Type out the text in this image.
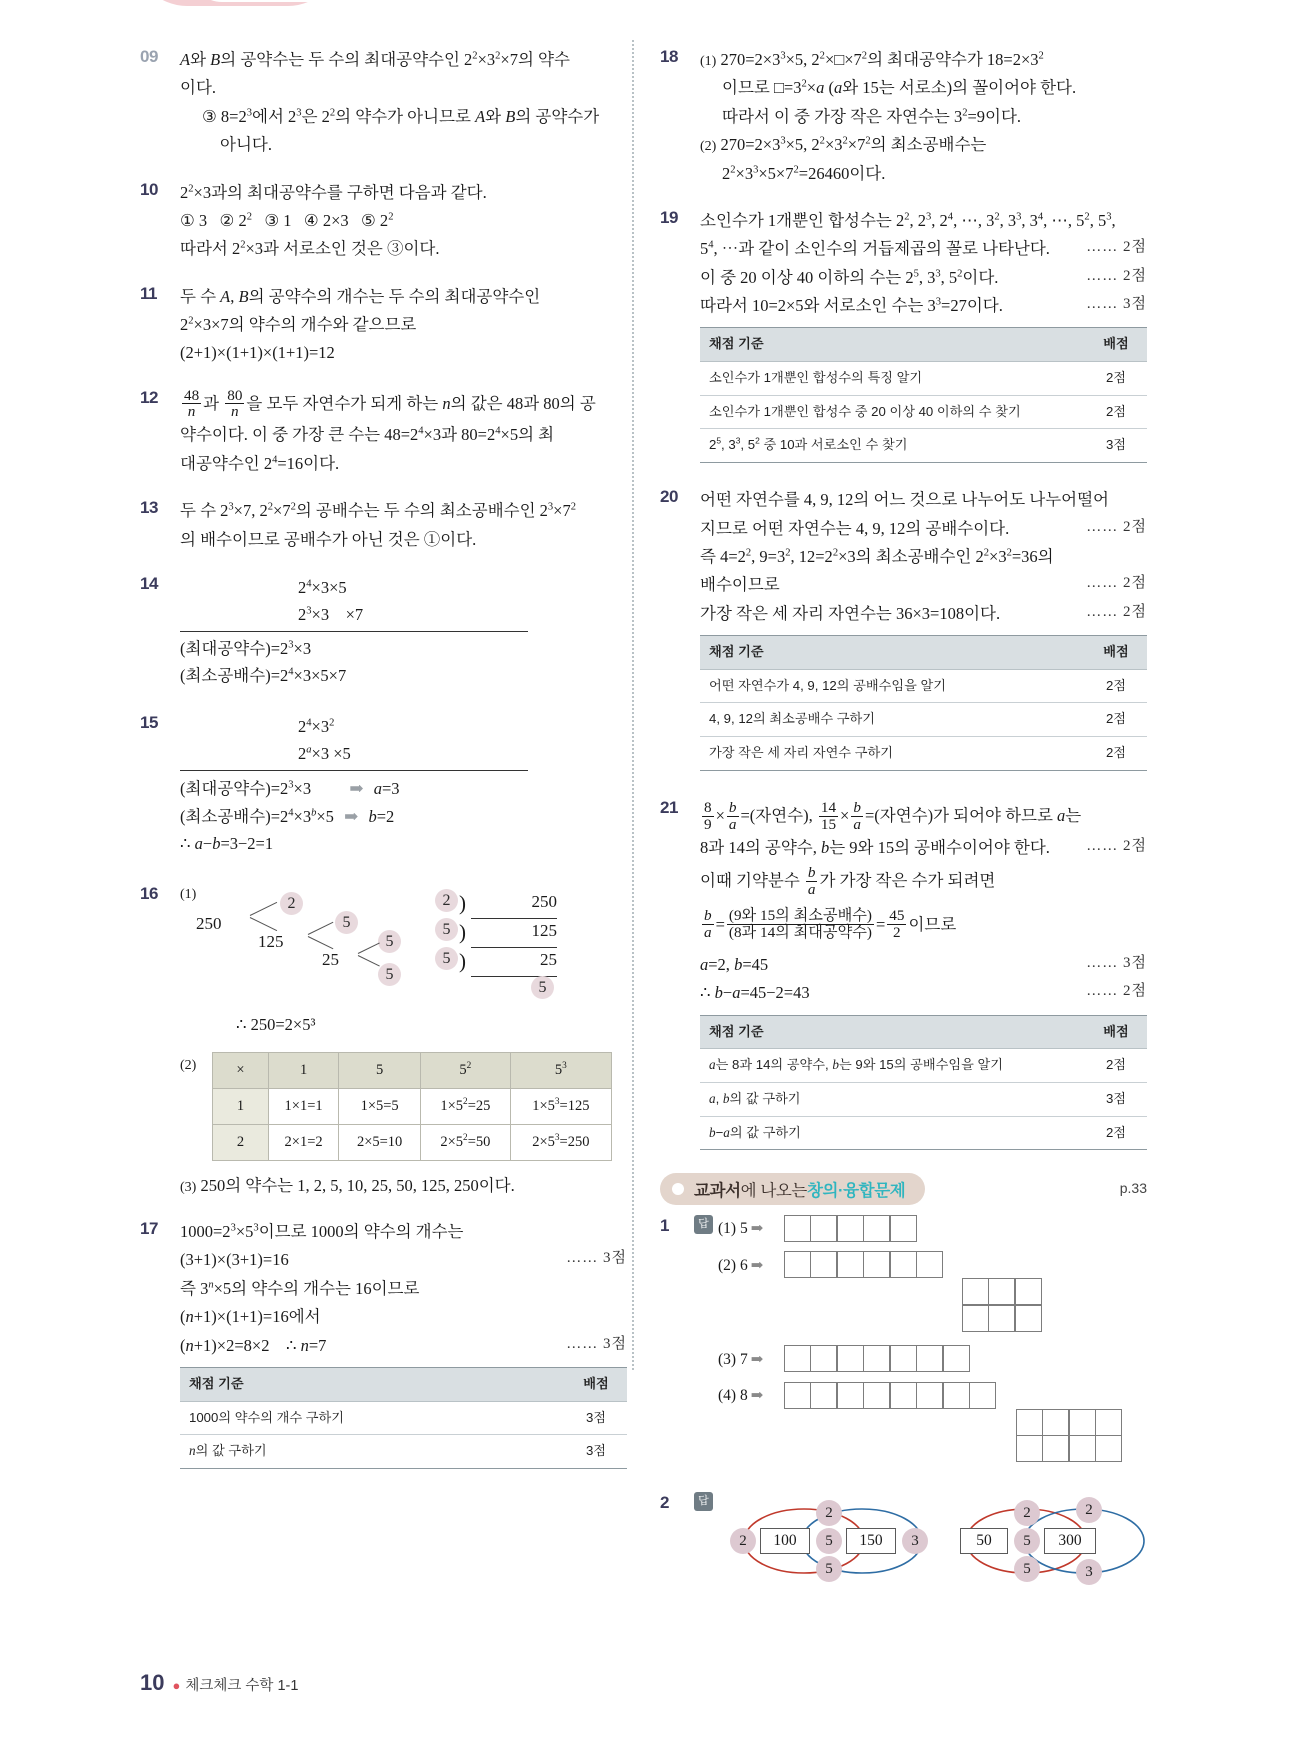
09	A와 B의 공약수는 두 수의 최대공약수인 $2^2\times 3^2\times 7$의 약수
이다.
③ $8=2^3$에서 $2^3$은 $2^2$의 약수가 아니므로 A와 B의 공약수가
아니다.
10	$2^2\times 3$과의 최대공약수를 구하면 다음과 같다.
① 3   ② $2^2$   ③ 1   ④ 2×3   ⑤ $2^2$
따라서 $2^2\times 3$과 서로소인 것은 ③이다.
11	두 수 A, B의 공약수의 개수는 두 수의 최대공약수인
$2^2\times 3\times 7$의 약수의 개수와 같으므로
(2+1)×(1+1)×(1+1)=12
12	$\frac{48}{n}$ 과 $\frac{80}{n}$ 을 모두 자연수가 되게 하는 n의 값은 48과 80의 공
약수이다. 이 중 가장 큰 수는 $48=2^4\times 3$과 $80=2^4\times 5$의 최
대공약수인 $2^4=16$이다.
13	두 수 $2^3\times 7$, $2^2\times 7^2$의 공배수는 두 수의 최소공배수인 $2^3\times 7^2$
의 배수이므로 공배수가 아닌 것은 ①이다.
14	$2^4\times 3\times 5$
$2^3\times 3$    ×7
(최대공약수)$=2^3\times 3$
(최소공배수)$=2^4\times 3\times 5\times 7$
15	$2^4\times 3^2$
$2^a\times 3 \times 5$
(최대공약수)$=2^3\times 3$  ➡ a=3
(최소공배수)$=2^4\times 3^b\times 5$ ➡ b=2
∴ a−b=3−2=1
16	(1)
250
2
125
5
25
5
5
2 )	250
5 )	125
5 )	25
5
∴ 250=2×5³
(2)	×	1	5	$5^2$	$5^3$
1	1×1=1	1×5=5	$1\times 5^2=25$	$1\times 5^3=125$
2	2×1=2	2×5=10	$2\times 5^2=50$	$2\times 5^3=250$
(3) 250의 약수는 1, 2, 5, 10, 25, 50, 125, 250이다.
17	$1000=2^3\times 5^3$이므로 1000의 약수의 개수는
…… 3점
(3+1)×(3+1)=16
즉 $3^n\times 5$의 약수의 개수는 16이므로
(n+1)×(1+1)=16에서
…… 3점
(n+1)×2=8×2    ∴ n=7
채점 기준	배점
1000의 약수의 개수 구하기	3점
n의 값 구하기	3점
18	(1) $270=2\times 3^3\times 5$, $2^2\times□\times 7^2$의 최대공약수가 $18=2\times 3^2$
이므로 $□=3^2\times a$ (a와 15는 서로소)의 꼴이어야 한다.
따라서 이 중 가장 작은 자연수는 $3^2=9$이다.
(2) $270=2\times 3^3\times 5$, $2^2\times 3^2\times 7^2$의 최소공배수는
$2^2\times 3^3\times 5\times 7^2=26460$이다.
19	소인수가 1개뿐인 합성수는 $2^2$, $2^3$, $2^4$, ⋯, $3^2$, $3^3$, $3^4$, ⋯, $5^2$, $5^3$,
…… 2점
$5^4$, ⋯과 같이 소인수의 거듭제곱의 꼴로 나타난다.
…… 2점
이 중 20 이상 40 이하의 수는 $2^5$, $3^3$, $5^2$이다.
…… 3점
따라서 10=2×5와 서로소인 수는 $3^3=27$이다.
채점 기준	배점
소인수가 1개뿐인 합성수의 특징 알기	2점
소인수가 1개뿐인 합성수 중 20 이상 40 이하의 수 찾기	2점
$2^5$, $3^3$, $5^2$ 중 10과 서로소인 수 찾기	3점
20	어떤 자연수를 4, 9, 12의 어느 것으로 나누어도 나누어떨어
…… 2점
지므로 어떤 자연수는 4, 9, 12의 공배수이다.
즉 $4=2^2$, $9=3^2$, $12=2^2\times 3$의 최소공배수인 $2^2\times 3^2=36$의
…… 2점
배수이므로
…… 2점
가장 작은 세 자리 자연수는 36×3=108이다.
채점 기준	배점
어떤 자연수가 4, 9, 12의 공배수임을 알기	2점
4, 9, 12의 최소공배수 구하기	2점
가장 작은 세 자리 자연수 구하기	2점
21	$\frac{8}{9} \times \frac{b}{a}$ =(자연수), $\frac{14}{15} \times \frac{b}{a}$ =(자연수)가 되어야 하므로 a는
…… 2점
8과 14의 공약수, b는 9와 15의 공배수이어야 한다.
이때 기약분수 $\frac{b}{a}$ 가 가장 작은 수가 되려면
$\frac{b}{a} = \frac{\text{(9와 15의 최소공배수)}}{\text{(8과 14의 최대공약수)}} = \frac{45}{2}$ 이므로
…… 3점
a=2, b=45
…… 2점
∴ b−a=45−2=43
채점 기준	배점
a는 8과 14의 공약수, b는 9와 15의 공배수임을 알기	2점
a, b의 값 구하기	3점
b−a의 값 구하기	2점
교과서 에 나오는 창의·융합문제	p.33
1	답 (1) 5 ➡
(2) 6 ➡
(3) 7 ➡
(4) 8 ➡
2	답
2	100	5	150	3
2
5
50	5	300
2	2
5	3
10 ● 체크체크 수학 1-1
